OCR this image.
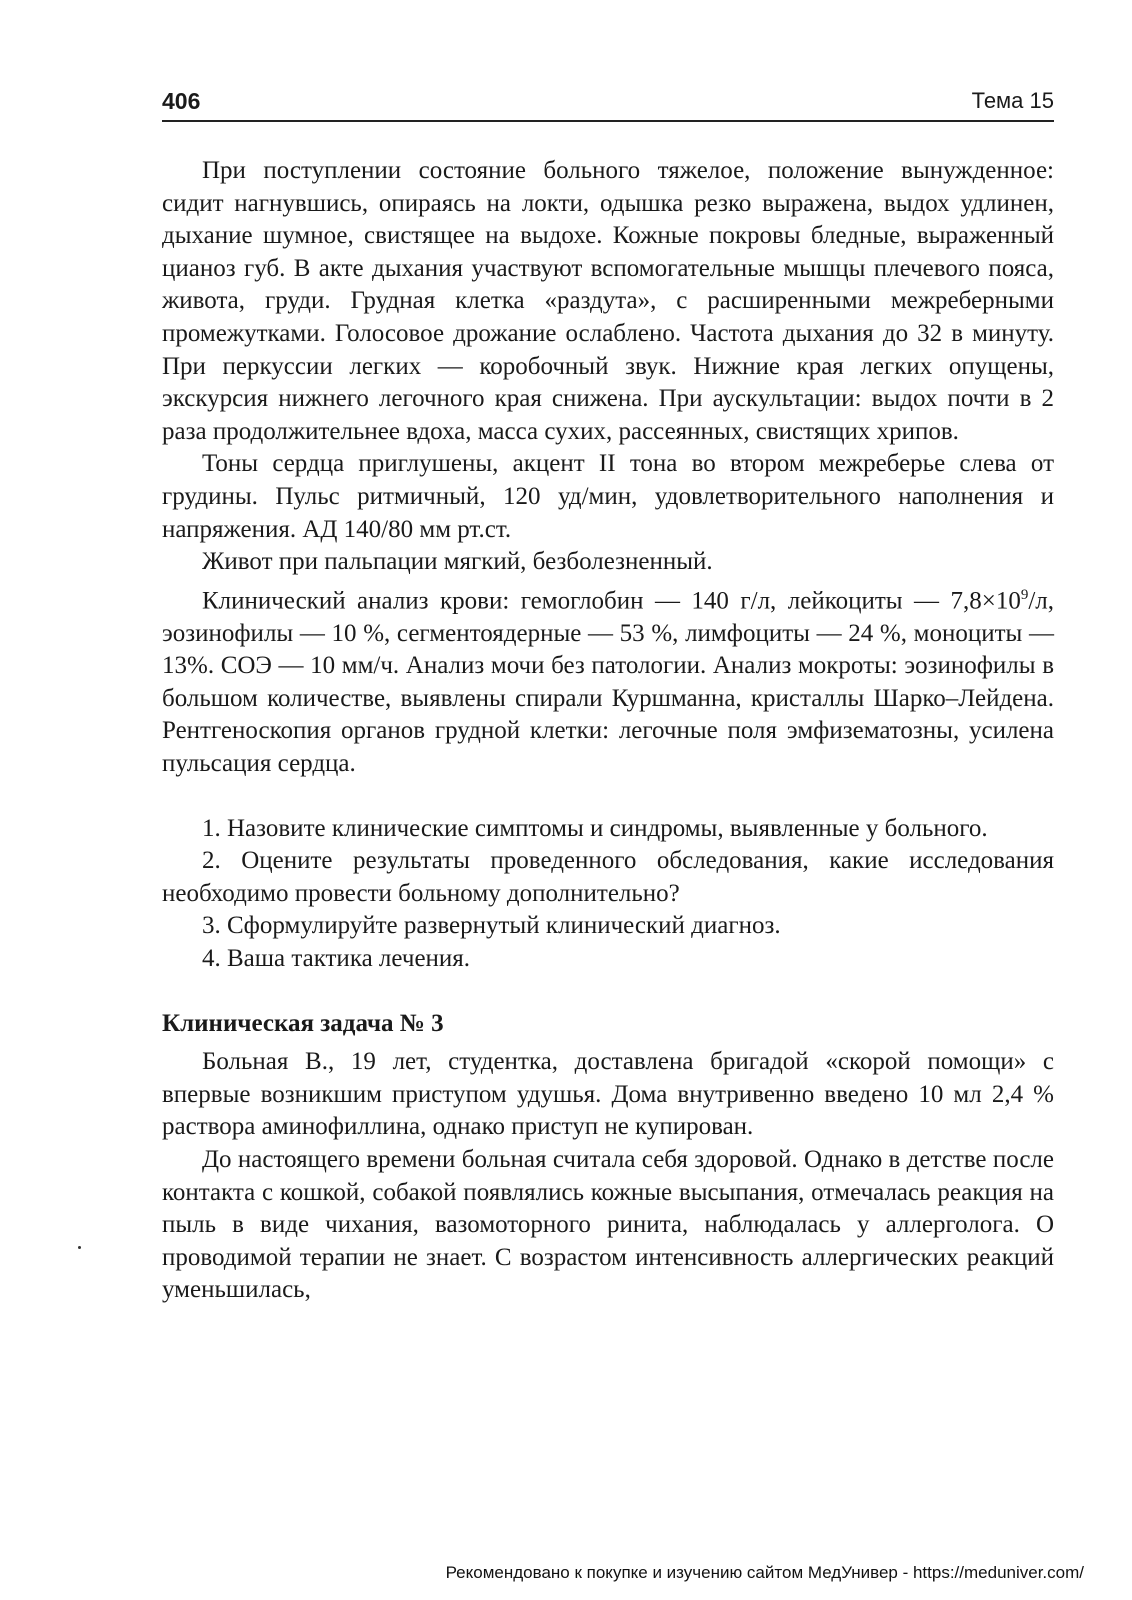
406	Тема 15

При поступлении состояние больного тяжелое, положение вынужденное: сидит нагнувшись, опираясь на локти, одышка резко выражена, выдох удлинен, дыхание шумное, свистящее на выдохе. Кожные покровы бледные, выраженный цианоз губ. В акте дыхания участвуют вспомогательные мышцы плечевого пояса, живота, груди. Грудная клетка «раздута», с расширенными межреберными промежутками. Голосовое дрожание ослаблено. Частота дыхания до 32 в минуту. При перкуссии легких — коробочный звук. Нижние края легких опущены, экскурсия нижнего легочного края снижена. При аускультации: выдох почти в 2 раза продолжительнее вдоха, масса сухих, рассеянных, свистящих хрипов.

Тоны сердца приглушены, акцент II тона во втором межреберье слева от грудины. Пульс ритмичный, 120 уд/мин, удовлетворительного наполнения и напряжения. АД 140/80 мм рт.ст.

Живот при пальпации мягкий, безболезненный.

Клинический анализ крови: гемоглобин — 140 г/л, лейкоциты — $7,8\times 10^9/л$, эозинофилы — 10 %, сегментоядерные — 53 %, лимфоциты — 24 %, моноциты — 13%. СОЭ — 10 мм/ч. Анализ мочи без патологии. Анализ мокроты: эозинофилы в большом количестве, выявлены спирали Куршманна, кристаллы Шарко–Лейдена. Рентгеноскопия органов грудной клетки: легочные поля эмфизематозны, усилена пульсация сердца.

1. Назовите клинические симптомы и синдромы, выявленные у больного.

2. Оцените результаты проведенного обследования, какие исследования необходимо провести больному дополнительно?

3. Сформулируйте развернутый клинический диагноз.

4. Ваша тактика лечения.

Клиническая задача № 3

Больная В., 19 лет, студентка, доставлена бригадой «скорой помощи» с впервые возникшим приступом удушья. Дома внутривенно введено 10 мл 2,4 % раствора аминофиллина, однако приступ не купирован.

До настоящего времени больная считала себя здоровой. Однако в детстве после контакта с кошкой, собакой появлялись кожные высыпания, отмечалась реакция на пыль в виде чихания, вазомоторного ринита, наблюдалась у аллерголога. О проводимой терапии не знает. С возрастом интенсивность аллергических реакций уменьшилась,

Рекомендовано к покупке и изучению сайтом МедУнивер - https://meduniver.com/
